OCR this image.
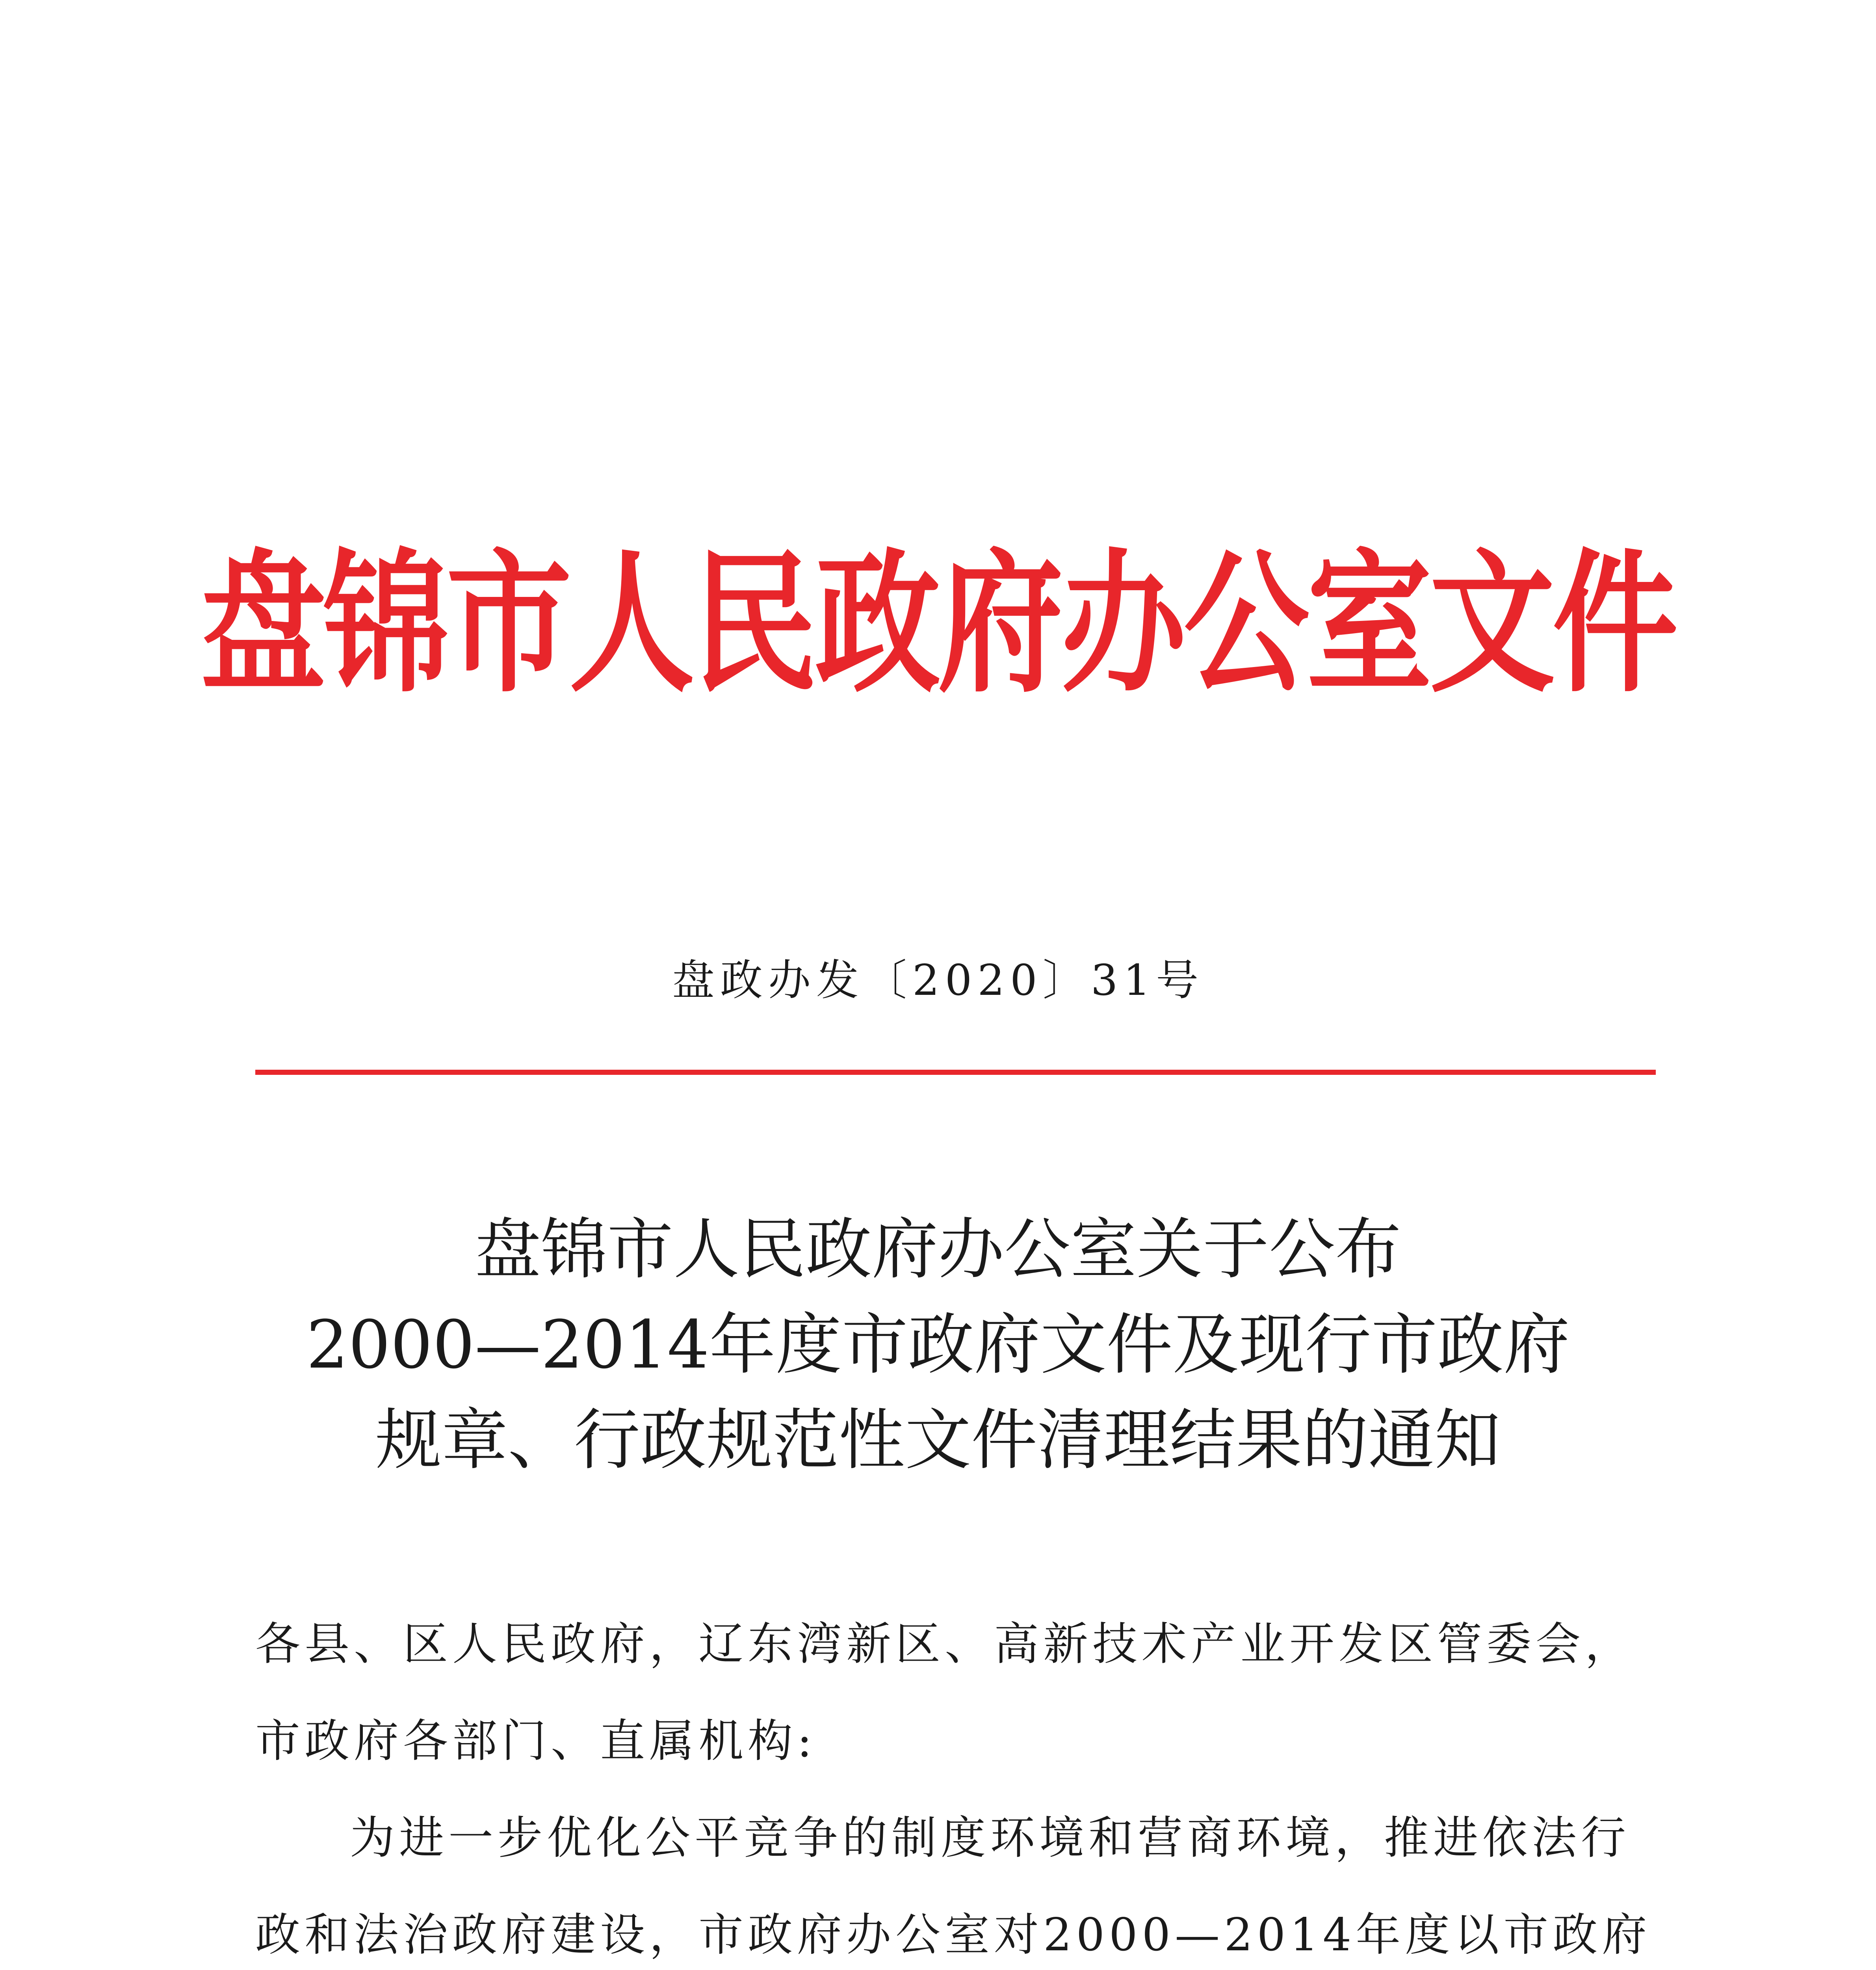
盘锦市人民政府办公室文件
盘政办发〔2020〕31号
盘锦市人民政府办公室关于公布
2000—2014年度市政府文件及现行市政府
规章、行政规范性文件清理结果的通知

各县、区人民政府，辽东湾新区、高新技术产业开发区管委会，
市政府各部门、直属机构:

为进一步优化公平竞争的制度环境和营商环境，推进依法行
政和法治政府建设，市政府办公室对2000—2014年度以市政府
